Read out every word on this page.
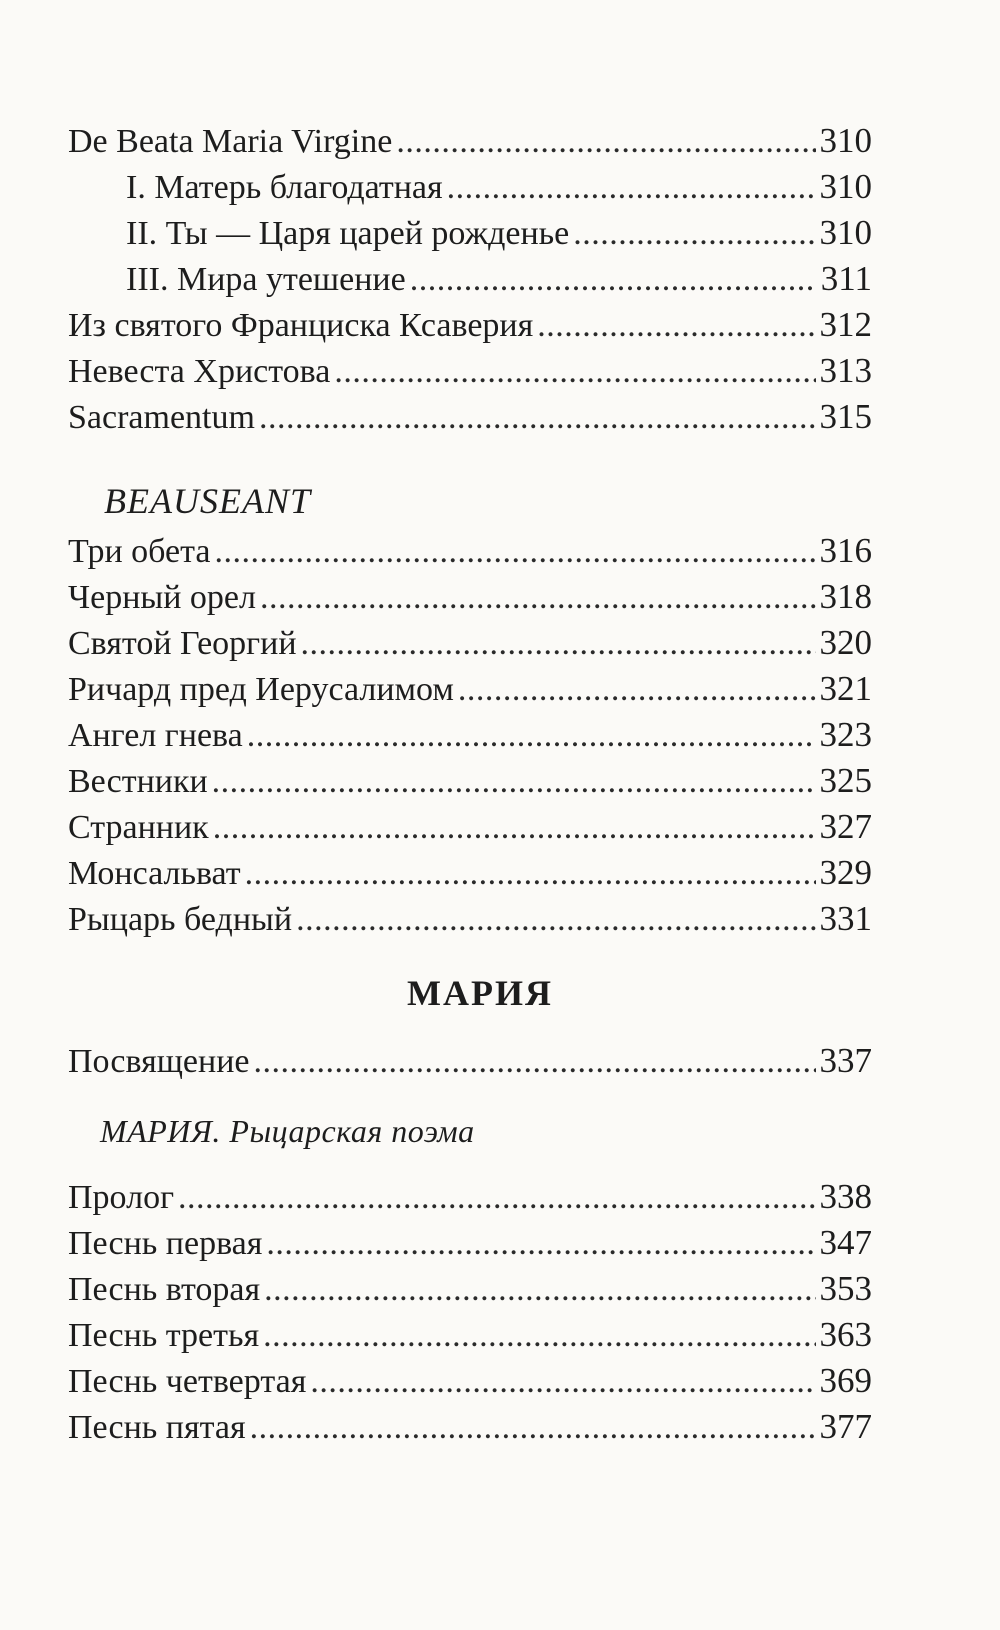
De Beata Maria Virgine . . .	310
I. Матерь благодатная . . .	310
II. Ты — Царя царей рожденье . . .	310
III. Мира утешение . . .	311
Из святого Франциска Ксаверия . . .	312
Невеста Христова . . .	313
Sacramentum . . .	315
BEAUSEANT
Три обета . . .	316
Черный орел . . .	318
Святой Георгий . . .	320
Ричард пред Иерусалимом . . .	321
Ангел гнева . . .	323
Вестники . . .	325
Странник . . .	327
Монсальват . . .	329
Рыцарь бедный . . .	331
МАРИЯ
Посвящение . . .	337
МАРИЯ. Рыцарская поэма
Пролог . . .	338
Песнь первая . . .	347
Песнь вторая . . .	353
Песнь третья . . .	363
Песнь четвертая . . .	369
Песнь пятая . . .	377
